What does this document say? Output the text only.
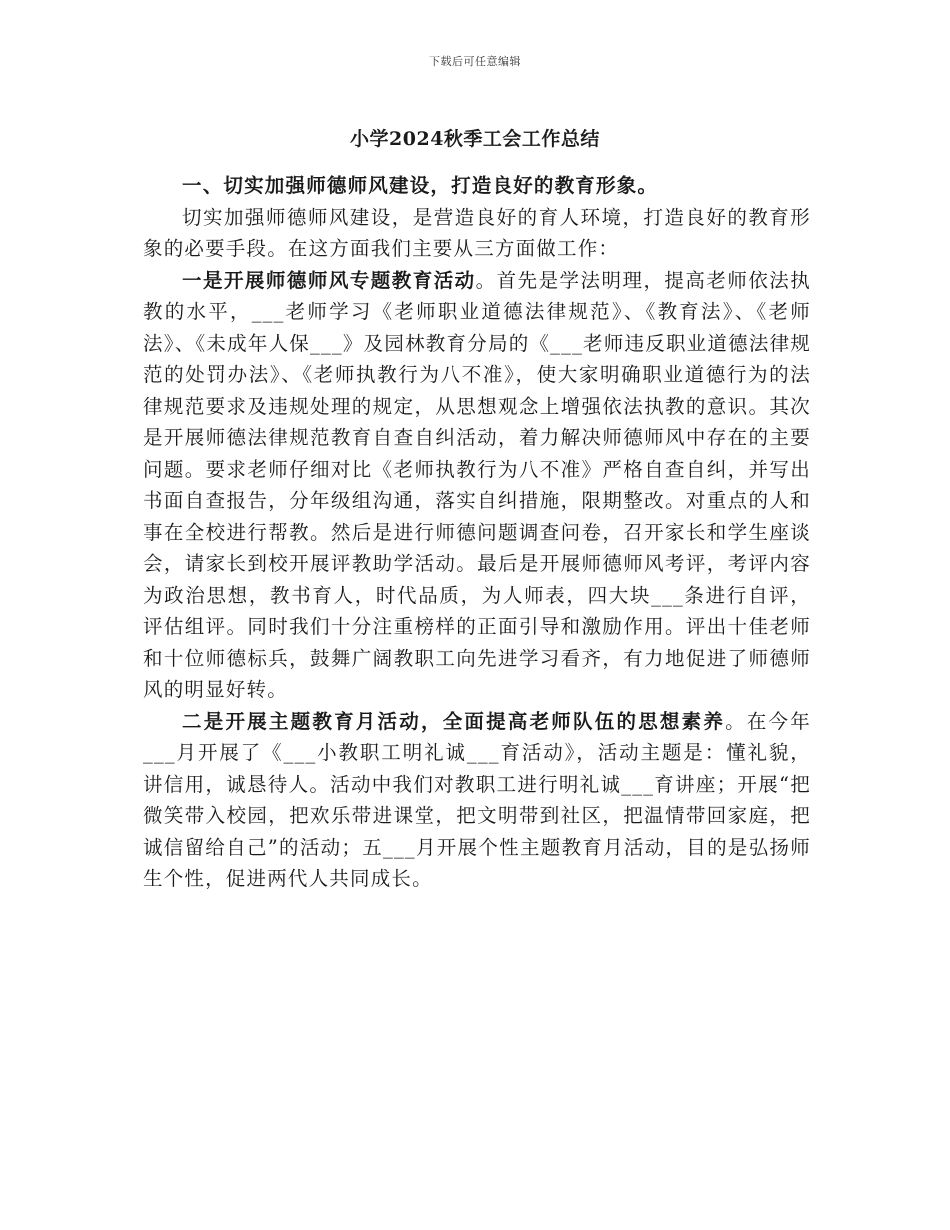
下载后可任意编辑
小学2024秋季工会工作总结

一、切实加强师德师风建设，打造良好的教育形象。

切实加强师德师风建设，是营造良好的育人环境，打造良好的教育形象的必要手段。在这方面我们主要从三方面做工作：

一是开展师德师风专题教育活动。首先是学法明理，提高老师依法执教的水平，___老师学习《老师职业道德法律规范》、《教育法》、《老师法》、《未成年人保___》及园林教育分局的《___老师违反职业道德法律规范的处罚办法》、《老师执教行为八不准》，使大家明确职业道德行为的法律规范要求及违规处理的规定，从思想观念上增强依法执教的意识。其次是开展师德法律规范教育自查自纠活动，着力解决师德师风中存在的主要问题。要求老师仔细对比《老师执教行为八不准》严格自查自纠，并写出书面自查报告，分年级组沟通，落实自纠措施，限期整改。对重点的人和事在全校进行帮教。然后是进行师德问题调查问卷，召开家长和学生座谈会，请家长到校开展评教助学活动。最后是开展师德师风考评，考评内容为政治思想，教书育人，时代品质，为人师表，四大块___条进行自评，评估组评。同时我们十分注重榜样的正面引导和激励作用。评出十佳老师和十位师德标兵，鼓舞广阔教职工向先进学习看齐，有力地促进了师德师风的明显好转。

二是开展主题教育月活动，全面提高老师队伍的思想素养。在今年___月开展了《___小教职工明礼诚___育活动》，活动主题是：懂礼貌，讲信用，诚恳待人。活动中我们对教职工进行明礼诚___育讲座；开展“把微笑带入校园，把欢乐带进课堂，把文明带到社区，把温情带回家庭，把诚信留给自己”的活动；五___月开展个性主题教育月活动，目的是弘扬师生个性，促进两代人共同成长。
